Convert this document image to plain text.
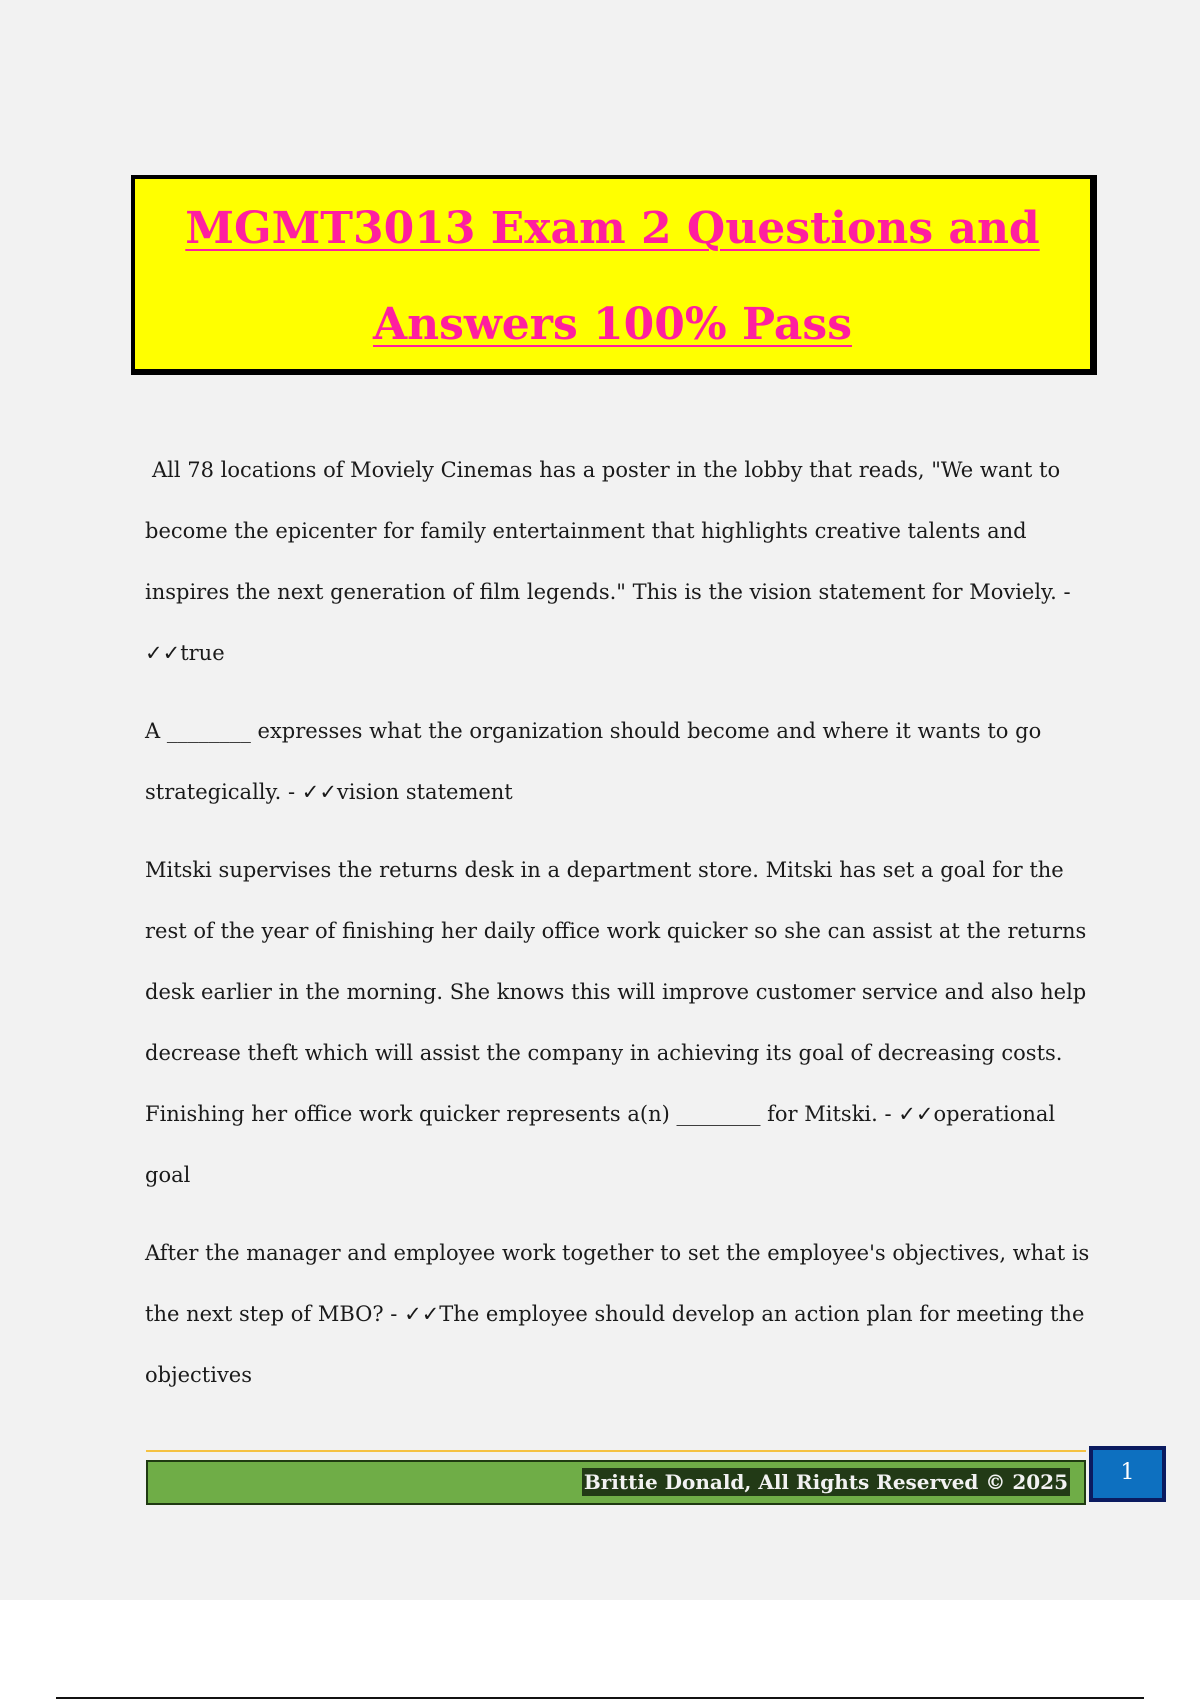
MGMT3013 Exam 2 Questions and
Answers 100% Pass

All 78 locations of Moviely Cinemas has a poster in the lobby that reads, "We want to become the epicenter for family entertainment that highlights creative talents and inspires the next generation of film legends." This is the vision statement for Moviely. - ✓✓true

A ________ expresses what the organization should become and where it wants to go strategically. - ✓✓vision statement

Mitski supervises the returns desk in a department store. Mitski has set a goal for the rest of the year of finishing her daily office work quicker so she can assist at the returns desk earlier in the morning. She knows this will improve customer service and also help decrease theft which will assist the company in achieving its goal of decreasing costs. Finishing her office work quicker represents a(n) ________ for Mitski. - ✓✓operational goal

After the manager and employee work together to set the employee's objectives, what is the next step of MBO? - ✓✓The employee should develop an action plan for meeting the objectives

Brittie Donald, All Rights Reserved © 2025	1
